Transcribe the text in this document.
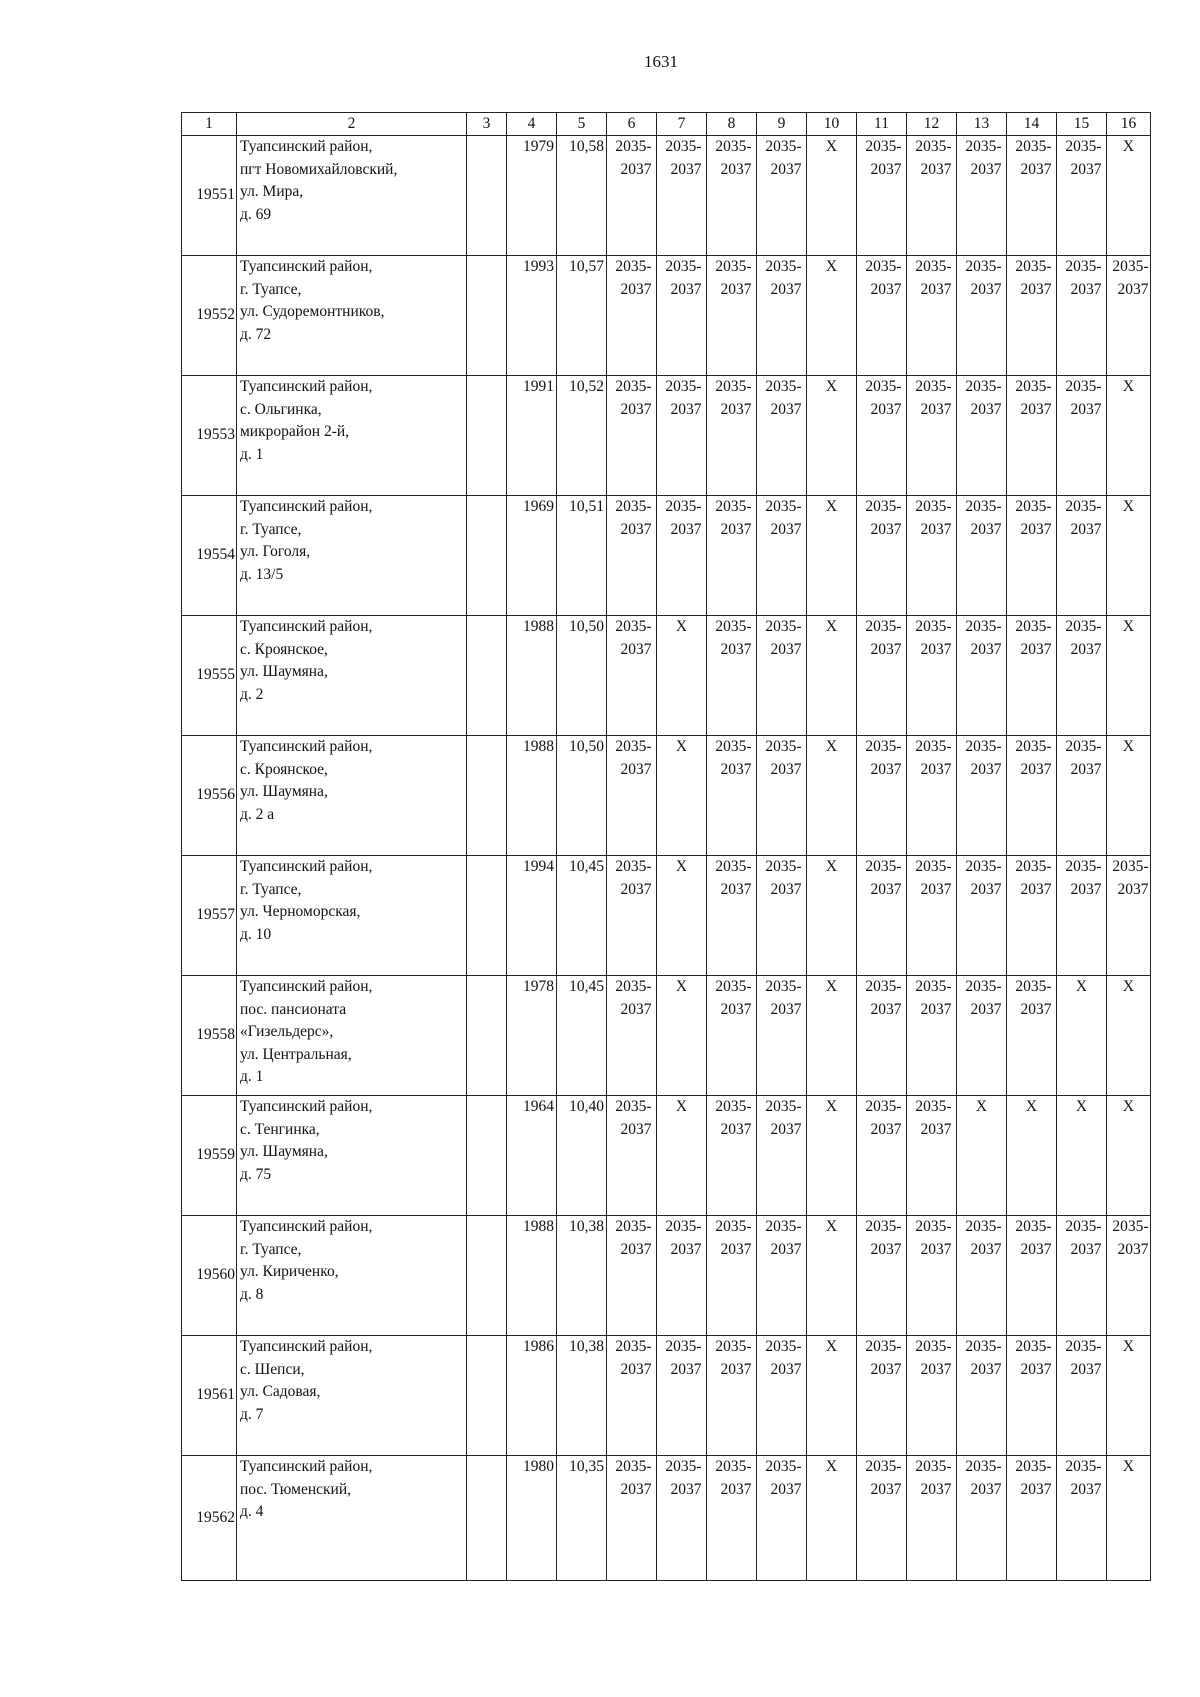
1631
1	2	3	4	5	6	7	8	9	10	11	12	13	14	15	16
19551	Туапсинский район,
пгт Новомихайловский,
ул. Мира,
д. 69		1979	10,58	2035-2037	2035-2037	2035-2037	2035-2037	X	2035-2037	2035-2037	2035-2037	2035-2037	2035-2037	X

19552	Туапсинский район,
г. Туапсе,
ул. Судоремонтников,
д. 72		1993	10,57	2035-2037	2035-2037	2035-2037	2035-2037	X	2035-2037	2035-2037	2035-2037	2035-2037	2035-2037	2035-2037

19553	Туапсинский район,
с. Ольгинка,
микрорайон 2-й,
д. 1		1991	10,52	2035-2037	2035-2037	2035-2037	2035-2037	X	2035-2037	2035-2037	2035-2037	2035-2037	2035-2037	X

19554	Туапсинский район,
г. Туапсе,
ул. Гоголя,
д. 13/5		1969	10,51	2035-2037	2035-2037	2035-2037	2035-2037	X	2035-2037	2035-2037	2035-2037	2035-2037	2035-2037	X

19555	Туапсинский район,
с. Кроянское,
ул. Шаумяна,
д. 2		1988	10,50	2035-2037	X	2035-2037	2035-2037	X	2035-2037	2035-2037	2035-2037	2035-2037	2035-2037	X

19556	Туапсинский район,
с. Кроянское,
ул. Шаумяна,
д. 2 а		1988	10,50	2035-2037	X	2035-2037	2035-2037	X	2035-2037	2035-2037	2035-2037	2035-2037	2035-2037	X

19557	Туапсинский район,
г. Туапсе,
ул. Черноморская,
д. 10		1994	10,45	2035-2037	X	2035-2037	2035-2037	X	2035-2037	2035-2037	2035-2037	2035-2037	2035-2037	2035-2037

19558	Туапсинский район,
пос. пансионата
«Гизельдерс»,
ул. Центральная,
д. 1		1978	10,45	2035-2037	X	2035-2037	2035-2037	X	2035-2037	2035-2037	2035-2037	2035-2037	X	X

19559	Туапсинский район,
с. Тенгинка,
ул. Шаумяна,
д. 75		1964	10,40	2035-2037	X	2035-2037	2035-2037	X	2035-2037	2035-2037	X	X	X	X

19560	Туапсинский район,
г. Туапсе,
ул. Кириченко,
д. 8		1988	10,38	2035-2037	2035-2037	2035-2037	2035-2037	X	2035-2037	2035-2037	2035-2037	2035-2037	2035-2037	2035-2037

19561	Туапсинский район,
с. Шепси,
ул. Садовая,
д. 7		1986	10,38	2035-2037	2035-2037	2035-2037	2035-2037	X	2035-2037	2035-2037	2035-2037	2035-2037	2035-2037	X

19562	Туапсинский район,
пос. Тюменский,
д. 4		1980	10,35	2035-2037	2035-2037	2035-2037	2035-2037	X	2035-2037	2035-2037	2035-2037	2035-2037	2035-2037	X
